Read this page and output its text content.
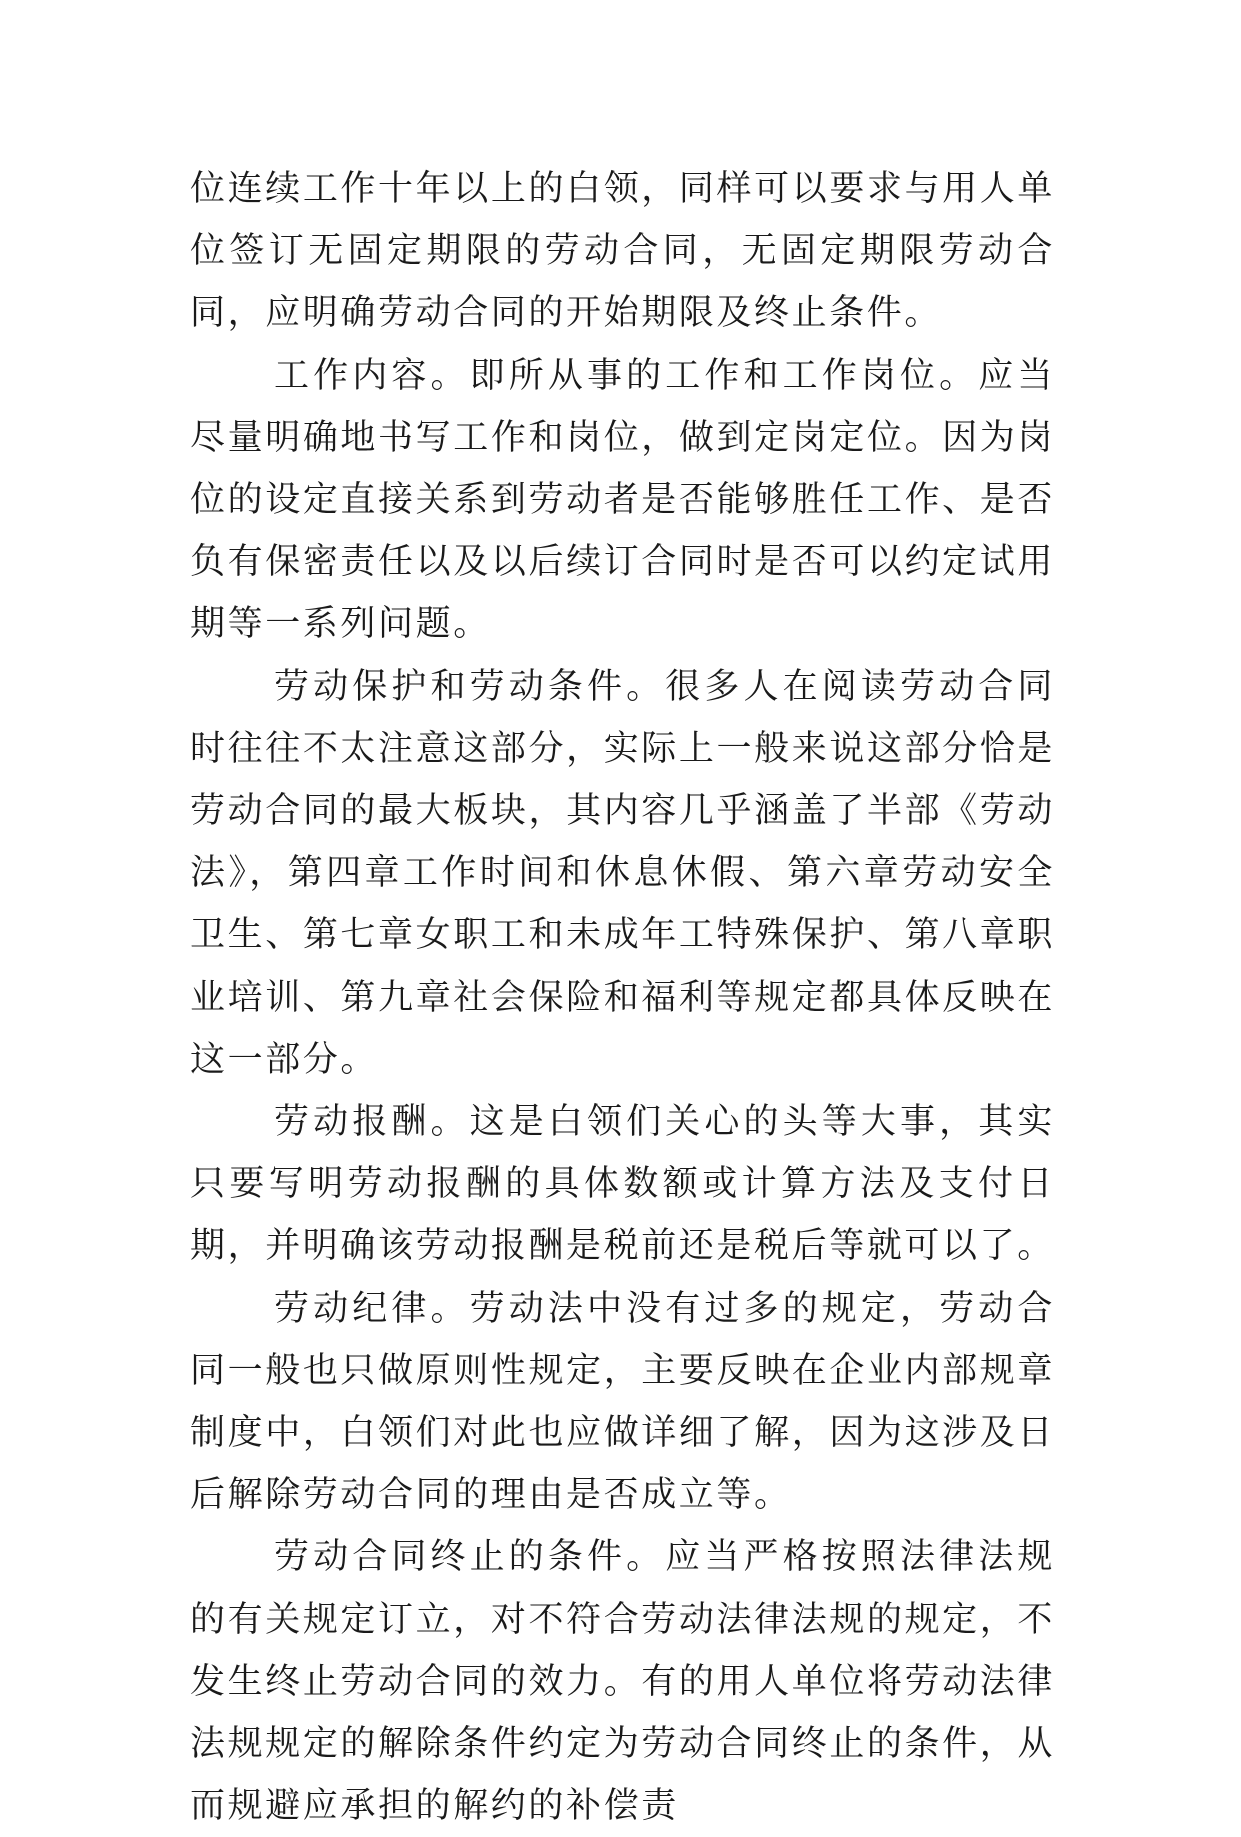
位连续工作十年以上的白领，同样可以要求与用人单位签订无固定期限的劳动合同，无固定期限劳动合同，应明确劳动合同的开始期限及终止条件。

工作内容。即所从事的工作和工作岗位。应当尽量明确地书写工作和岗位，做到定岗定位。因为岗位的设定直接关系到劳动者是否能够胜任工作、是否负有保密责任以及以后续订合同时是否可以约定试用期等一系列问题。

劳动保护和劳动条件。很多人在阅读劳动合同时往往不太注意这部分，实际上一般来说这部分恰是劳动合同的最大板块，其内容几乎涵盖了半部《劳动法》，第四章工作时间和休息休假、第六章劳动安全卫生、第七章女职工和未成年工特殊保护、第八章职业培训、第九章社会保险和福利等规定都具体反映在这一部分。

劳动报酬。这是白领们关心的头等大事，其实只要写明劳动报酬的具体数额或计算方法及支付日期，并明确该劳动报酬是税前还是税后等就可以了。

劳动纪律。劳动法中没有过多的规定，劳动合同一般也只做原则性规定，主要反映在企业内部规章制度中，白领们对此也应做详细了解，因为这涉及日后解除劳动合同的理由是否成立等。

劳动合同终止的条件。应当严格按照法律法规的有关规定订立，对不符合劳动法律法规的规定，不发生终止劳动合同的效力。有的用人单位将劳动法律法规规定的解除条件约定为劳动合同终止的条件，从而规避应承担的解约的补偿责
